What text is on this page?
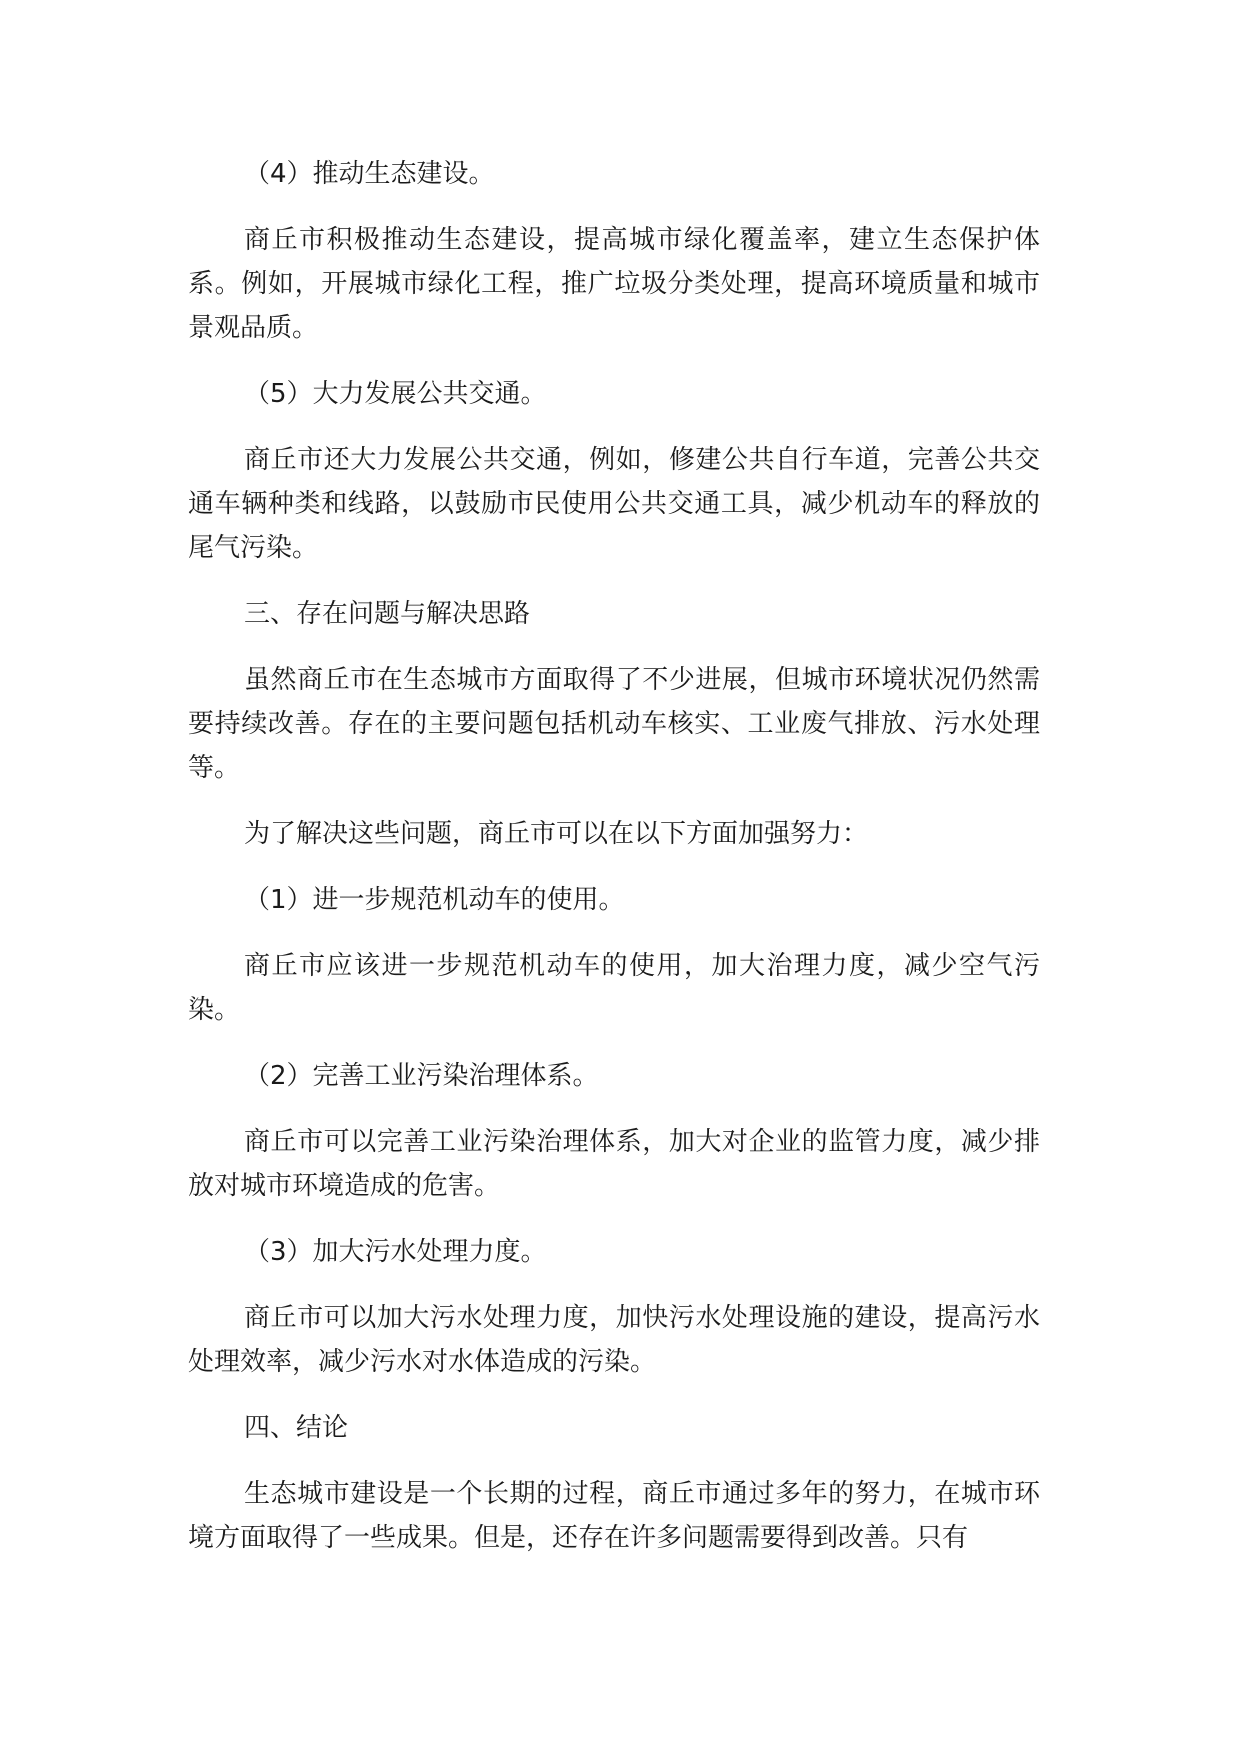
（4）推动生态建设。

商丘市积极推动生态建设，提高城市绿化覆盖率，建立生态保护体系。例如，开展城市绿化工程，推广垃圾分类处理，提高环境质量和城市景观品质。

（5）大力发展公共交通。

商丘市还大力发展公共交通，例如，修建公共自行车道，完善公共交通车辆种类和线路，以鼓励市民使用公共交通工具，减少机动车的释放的尾气污染。

三、存在问题与解决思路

虽然商丘市在生态城市方面取得了不少进展，但城市环境状况仍然需要持续改善。存在的主要问题包括机动车核实、工业废气排放、污水处理等。

为了解决这些问题，商丘市可以在以下方面加强努力：

（1）进一步规范机动车的使用。

商丘市应该进一步规范机动车的使用，加大治理力度，减少空气污染。

（2）完善工业污染治理体系。

商丘市可以完善工业污染治理体系，加大对企业的监管力度，减少排放对城市环境造成的危害。

（3）加大污水处理力度。

商丘市可以加大污水处理力度，加快污水处理设施的建设，提高污水处理效率，减少污水对水体造成的污染。

四、结论

生态城市建设是一个长期的过程，商丘市通过多年的努力，在城市环境方面取得了一些成果。但是，还存在许多问题需要得到改善。只有
